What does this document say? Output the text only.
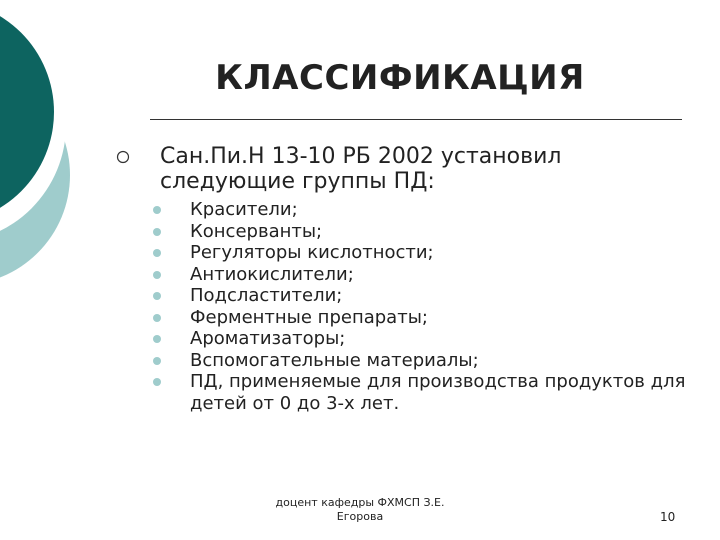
КЛАССИФИКАЦИЯ
Сан.Пи.Н 13-10 РБ 2002 установил следующие группы ПД:
Красители;
Консерванты;
Регуляторы кислотности;
Антиокислители;
Подсластители;
Ферментные препараты;
Ароматизаторы;
Вспомогательные материалы;
ПД, применяемые для производства продуктов для детей от 0 до 3-х лет.
доцент кафедры ФХМСП З.Е.
Егорова	10
